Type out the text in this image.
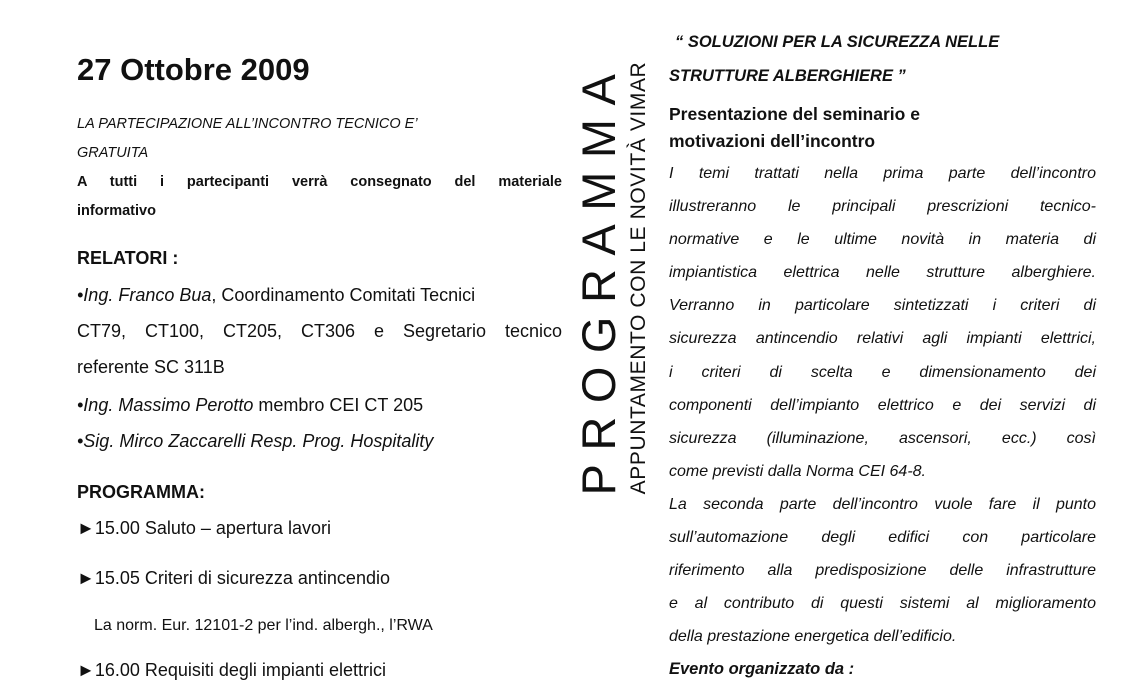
27 Ottobre 2009
LA PARTECIPAZIONE ALL’INCONTRO TECNICO E’
GRATUITA
A tutti i partecipanti verrà consegnato del materiale
informativo
RELATORI :
•Ing. Franco Bua, Coordinamento Comitati Tecnici
CT79, CT100, CT205, CT306 e Segretario tecnico
referente SC 311B
•Ing. Massimo Perotto membro CEI CT 205
•Sig. Mirco Zaccarelli Resp. Prog. Hospitality
PROGRAMMA:
►15.00 Saluto – apertura lavori
►15.05 Criteri di sicurezza antincendio
La norm. Eur. 12101-2 per l’ind. albergh., l’RWA
►16.00 Requisiti degli impianti elettrici
PROGRAMMA APPUNTAMENTO CON LE NOVITÀ VIMAR
“ SOLUZIONI PER LA SICUREZZA NELLE
STRUTTURE ALBERGHIERE ”
Presentazione del seminario e
motivazioni dell’incontro
I temi trattati nella prima parte dell’incontro
illustreranno le principali prescrizioni tecnico-
normative e le ultime novità in materia di
impiantistica elettrica nelle strutture alberghiere.
Verranno in particolare sintetizzati i criteri di
sicurezza antincendio relativi agli impianti elettrici,
i criteri di scelta e dimensionamento dei
componenti dell’impianto elettrico e dei servizi di
sicurezza (illuminazione, ascensori, ecc.) così
come previsti dalla Norma CEI 64-8.
La seconda parte dell’incontro vuole fare il punto
sull’automazione degli edifici con particolare
riferimento alla predisposizione delle infrastrutture
e al contributo di questi sistemi al miglioramento
della prestazione energetica dell’edificio.
Evento organizzato da :
